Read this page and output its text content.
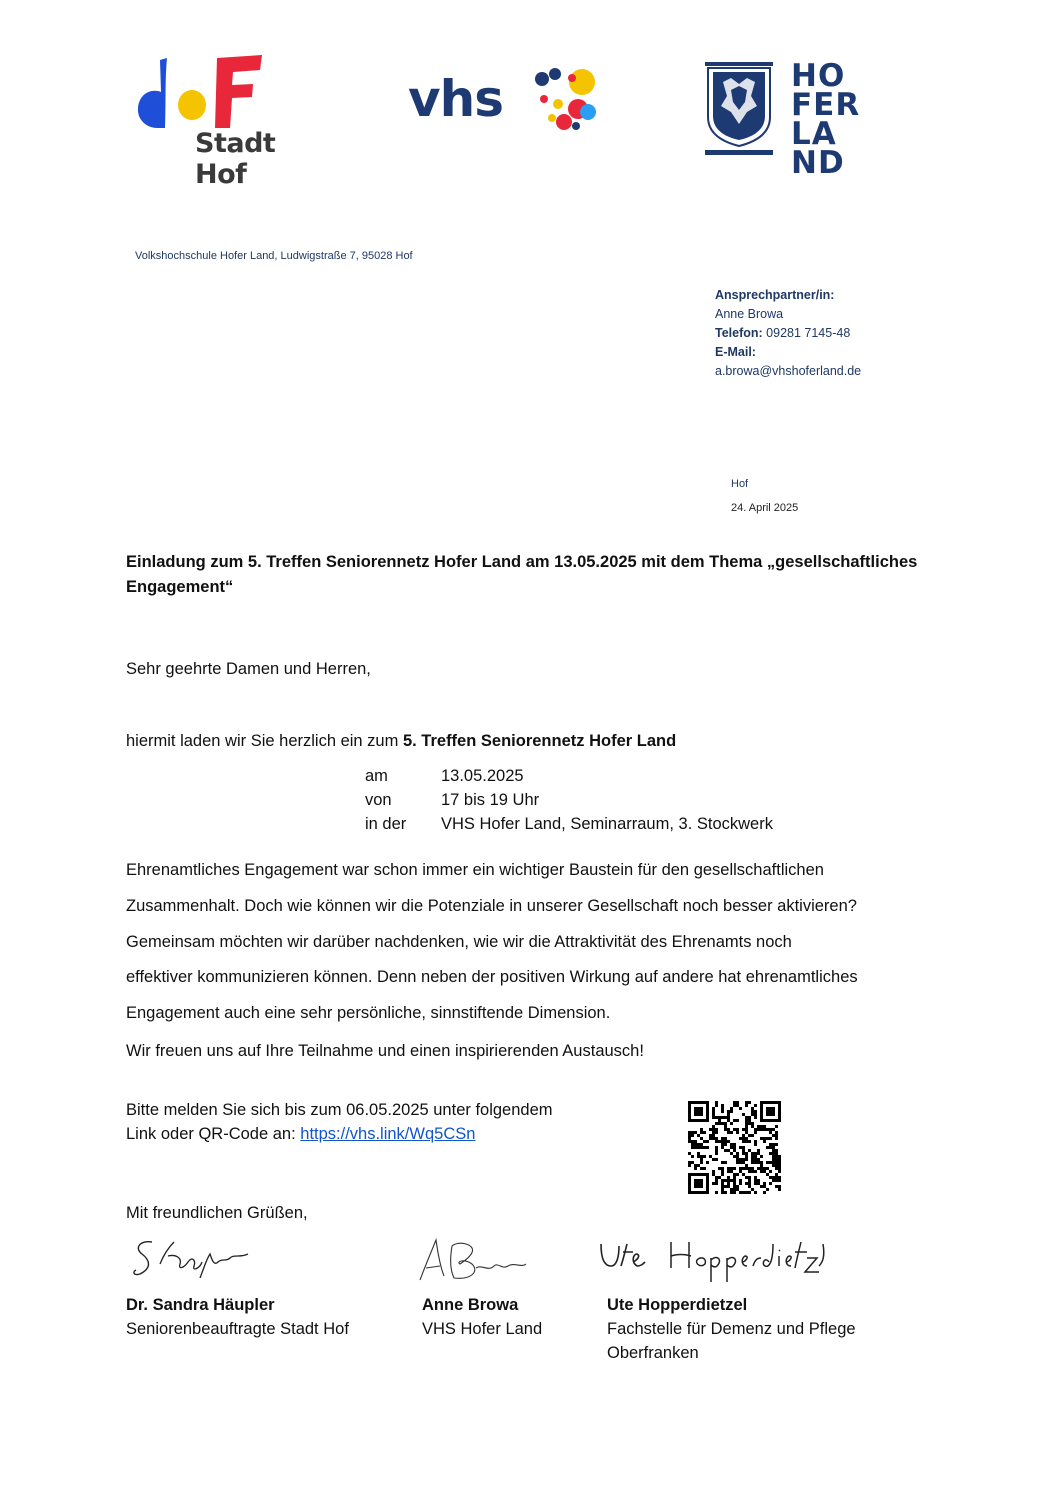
Stadt Hof
vhs	HO
FER
LA
ND
Volkshochschule Hofer Land, Ludwigstraße 7, 95028 Hof
Ansprechpartner/in:
Anne Browa
Telefon: 09281 7145-48
E-Mail:
a.browa@vhshoferland.de
Hof
24. April 2025
Einladung zum 5. Treffen Seniorennetz Hofer Land am 13.05.2025 mit dem Thema „gesellschaftliches Engagement“
Sehr geehrte Damen und Herren,
hiermit laden wir Sie herzlich ein zum 5. Treffen Seniorennetz Hofer Land
am	13.05.2025
von	17 bis 19 Uhr
in der	VHS Hofer Land, Seminarraum, 3. Stockwerk
Ehrenamtliches Engagement war schon immer ein wichtiger Baustein für den gesellschaftlichen
Zusammenhalt. Doch wie können wir die Potenziale in unserer Gesellschaft noch besser aktivieren?
Gemeinsam möchten wir darüber nachdenken, wie wir die Attraktivität des Ehrenamts noch
effektiver kommunizieren können. Denn neben der positiven Wirkung auf andere hat ehrenamtliches
Engagement auch eine sehr persönliche, sinnstiftende Dimension.
Wir freuen uns auf Ihre Teilnahme und einen inspirierenden Austausch!
Bitte melden Sie sich bis zum 06.05.2025 unter folgendem
Link oder QR-Code an: https://vhs.link/Wq5CSn
Mit freundlichen Grüßen,
Dr. Sandra Häupler
Seniorenbeauftragte Stadt Hof
Anne Browa
VHS Hofer Land
Ute Hopperdietzel
Fachstelle für Demenz und Pflege
Oberfranken
